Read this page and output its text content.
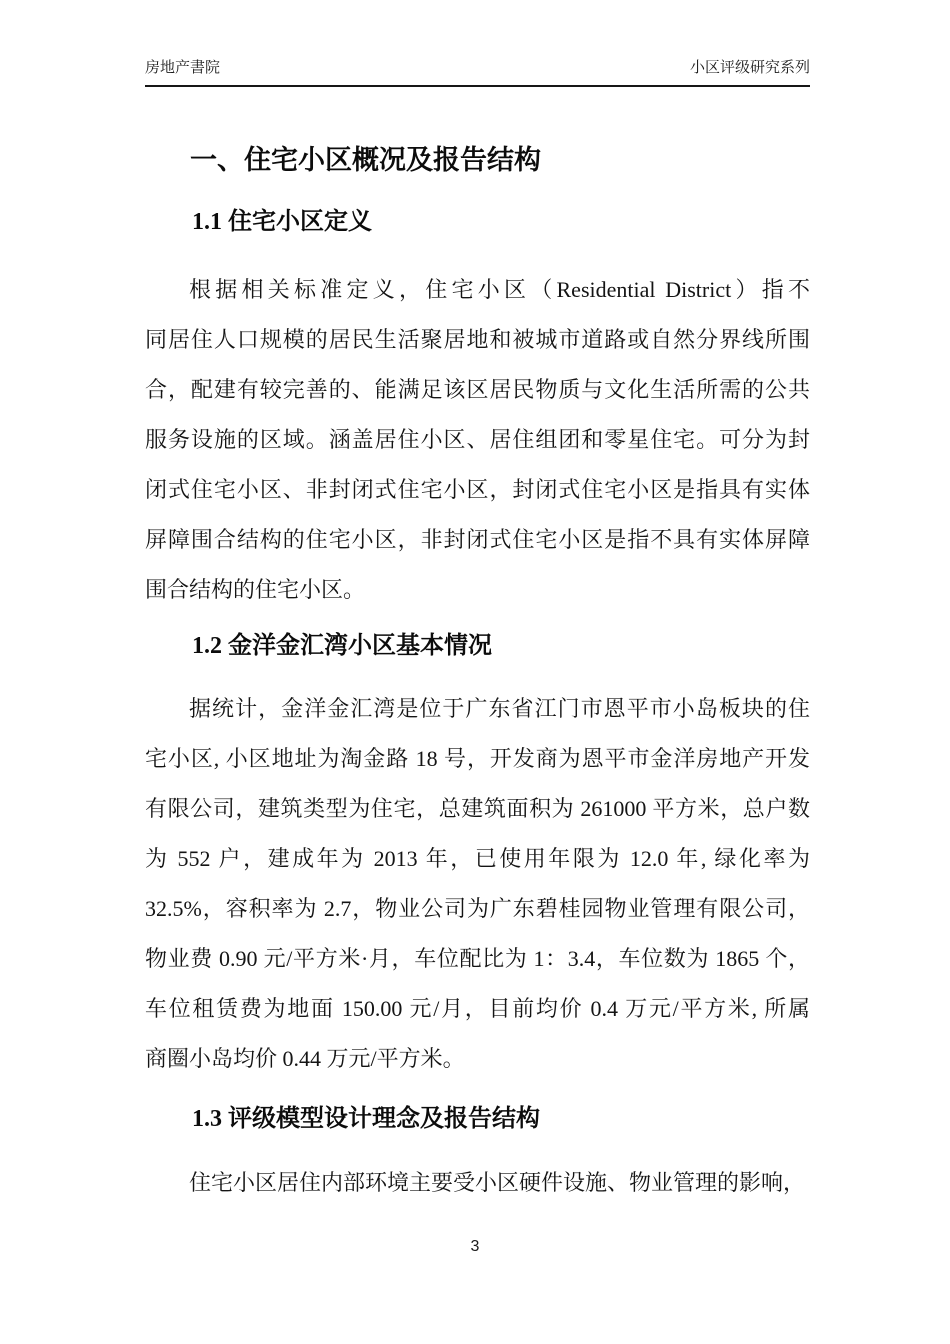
房地产書院	小区评级研究系列
一、住宅小区概况及报告结构
1.1 住宅小区定义
根据相关标准定义，住宅小区（Residential District）指不
同居住人口规模的居民生活聚居地和被城市道路或自然分界线所围
合，配建有较完善的、能满足该区居民物质与文化生活所需的公共
服务设施的区域。涵盖居住小区、居住组团和零星住宅。可分为封
闭式住宅小区、非封闭式住宅小区，封闭式住宅小区是指具有实体
屏障围合结构的住宅小区，非封闭式住宅小区是指不具有实体屏障
围合结构的住宅小区。
1.2 金洋金汇湾小区基本情况
据统计，金洋金汇湾是位于广东省江门市恩平市小岛板块的住
宅小区, 小区地址为淘金路 18 号，开发商为恩平市金洋房地产开发
有限公司，建筑类型为住宅，总建筑面积为 261000 平方米，总户数
为 552 户，建成年为 2013 年，已使用年限为 12.0 年, 绿化率为
32.5%，容积率为 2.7，物业公司为广东碧桂园物业管理有限公司，
物业费 0.90 元/平方米·月，车位配比为 1：3.4，车位数为 1865 个，
车位租赁费为地面 150.00 元/月，目前均价 0.4 万元/平方米, 所属
商圈小岛均价 0.44 万元/平方米。
1.3 评级模型设计理念及报告结构
住宅小区居住内部环境主要受小区硬件设施、物业管理的影响，
3
